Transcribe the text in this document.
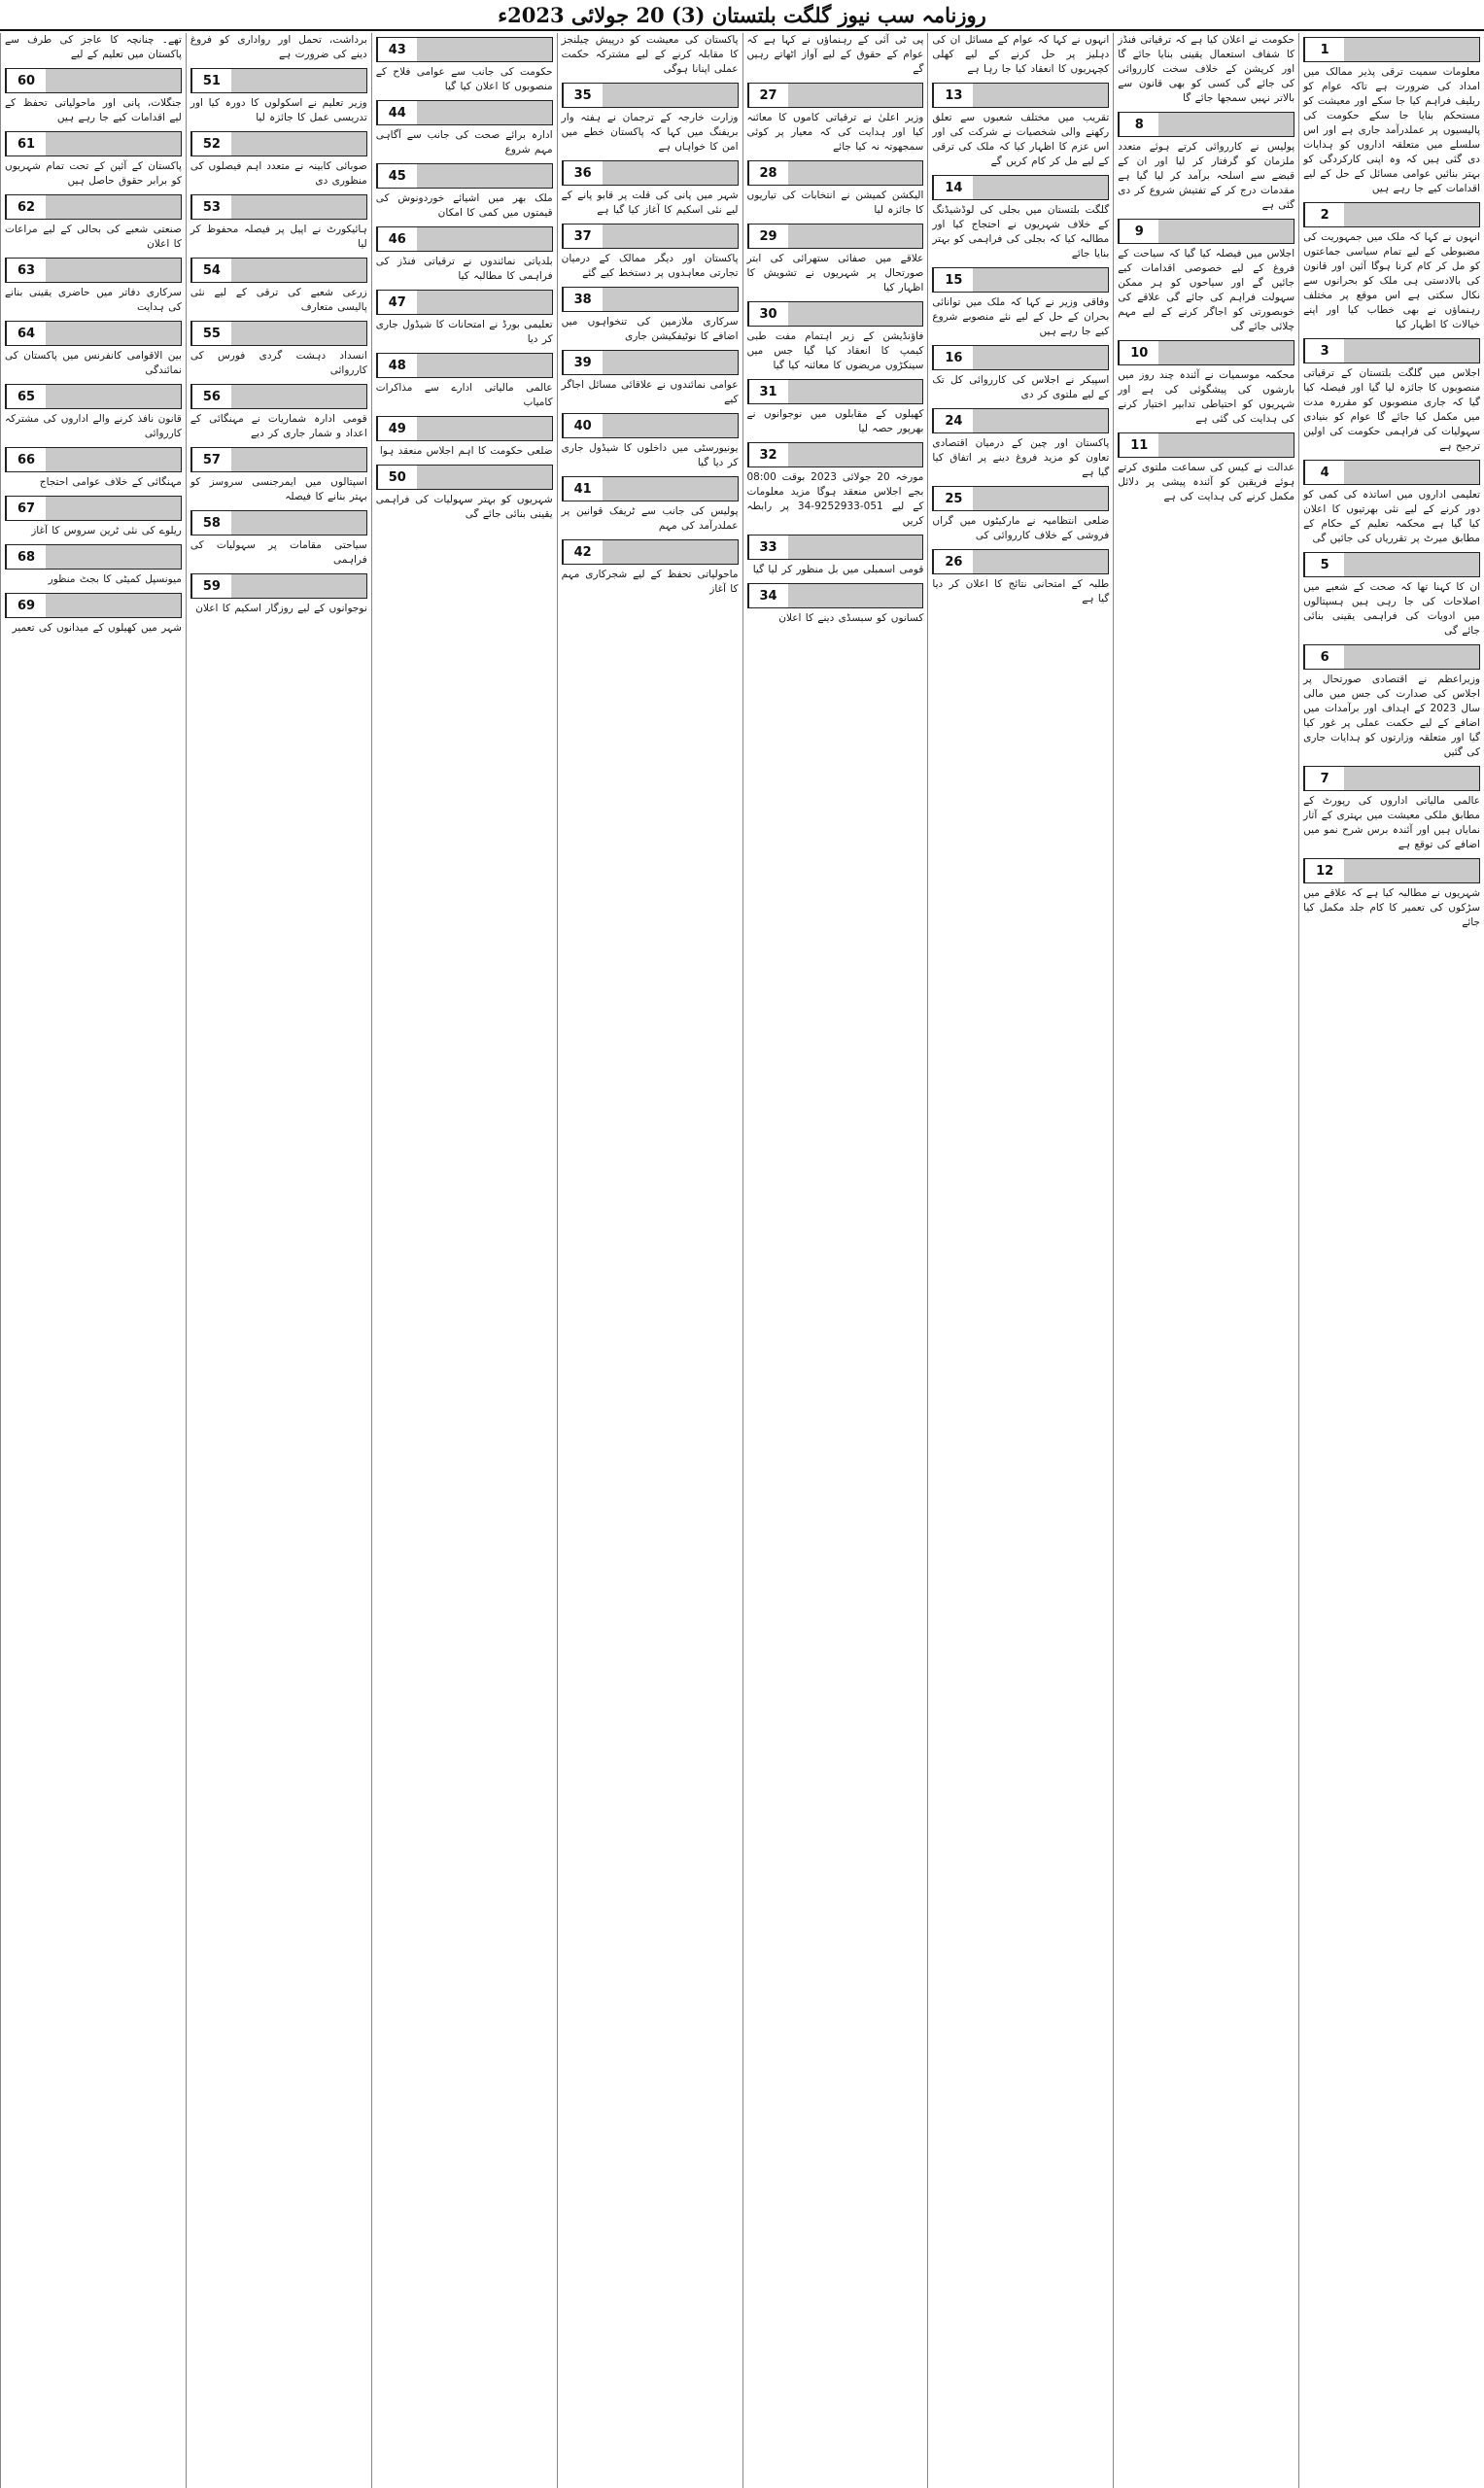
روزنامہ سب نیوز گلگت بلتستان (3) 20 جولائی 2023ء
1
معلومات سمیت ترقی پذیر ممالک میں امداد کی ضرورت ہے تاکہ عوام کو ریلیف فراہم کیا جا سکے اور معیشت کو مستحکم بنایا جا سکے حکومت کی پالیسیوں پر عملدرآمد جاری ہے اور اس سلسلے میں متعلقہ اداروں کو ہدایات دی گئی ہیں کہ وہ اپنی کارکردگی کو بہتر بنائیں عوامی مسائل کے حل کے لیے اقدامات کیے جا رہے ہیں
2
انہوں نے کہا کہ ملک میں جمہوریت کی مضبوطی کے لیے تمام سیاسی جماعتوں کو مل کر کام کرنا ہوگا آئین اور قانون کی بالادستی ہی ملک کو بحرانوں سے نکال سکتی ہے اس موقع پر مختلف رہنماؤں نے بھی خطاب کیا اور اپنے خیالات کا اظہار کیا
3
اجلاس میں گلگت بلتستان کے ترقیاتی منصوبوں کا جائزہ لیا گیا اور فیصلہ کیا گیا کہ جاری منصوبوں کو مقررہ مدت میں مکمل کیا جائے گا عوام کو بنیادی سہولیات کی فراہمی حکومت کی اولین ترجیح ہے
4
تعلیمی اداروں میں اساتذہ کی کمی کو دور کرنے کے لیے نئی بھرتیوں کا اعلان کیا گیا ہے محکمہ تعلیم کے حکام کے مطابق میرٹ پر تقرریاں کی جائیں گی
5
ان کا کہنا تھا کہ صحت کے شعبے میں اصلاحات کی جا رہی ہیں ہسپتالوں میں ادویات کی فراہمی یقینی بنائی جائے گی
6
وزیراعظم نے اقتصادی صورتحال پر اجلاس کی صدارت کی جس میں مالی سال 2023 کے اہداف اور برآمدات میں اضافے کے لیے حکمت عملی پر غور کیا گیا اور متعلقہ وزارتوں کو ہدایات جاری کی گئیں
7
عالمی مالیاتی اداروں کی رپورٹ کے مطابق ملکی معیشت میں بہتری کے آثار نمایاں ہیں اور آئندہ برس شرح نمو میں اضافے کی توقع ہے
12
شہریوں نے مطالبہ کیا ہے کہ علاقے میں سڑکوں کی تعمیر کا کام جلد مکمل کیا جائے
حکومت نے اعلان کیا ہے کہ ترقیاتی فنڈز کا شفاف استعمال یقینی بنایا جائے گا اور کرپشن کے خلاف سخت کارروائی کی جائے گی کسی کو بھی قانون سے بالاتر نہیں سمجھا جائے گا
8
پولیس نے کارروائی کرتے ہوئے متعدد ملزمان کو گرفتار کر لیا اور ان کے قبضے سے اسلحہ برآمد کر لیا گیا ہے مقدمات درج کر کے تفتیش شروع کر دی گئی ہے
9
اجلاس میں فیصلہ کیا گیا کہ سیاحت کے فروغ کے لیے خصوصی اقدامات کیے جائیں گے اور سیاحوں کو ہر ممکن سہولت فراہم کی جائے گی علاقے کی خوبصورتی کو اجاگر کرنے کے لیے مہم چلائی جائے گی
10
محکمہ موسمیات نے آئندہ چند روز میں بارشوں کی پیشگوئی کی ہے اور شہریوں کو احتیاطی تدابیر اختیار کرنے کی ہدایت کی گئی ہے
11
عدالت نے کیس کی سماعت ملتوی کرتے ہوئے فریقین کو آئندہ پیشی پر دلائل مکمل کرنے کی ہدایت کی ہے
انہوں نے کہا کہ عوام کے مسائل ان کی دہلیز پر حل کرنے کے لیے کھلی کچہریوں کا انعقاد کیا جا رہا ہے
13
تقریب میں مختلف شعبوں سے تعلق رکھنے والی شخصیات نے شرکت کی اور اس عزم کا اظہار کیا کہ ملک کی ترقی کے لیے مل کر کام کریں گے
14
گلگت بلتستان میں بجلی کی لوڈشیڈنگ کے خلاف شہریوں نے احتجاج کیا اور مطالبہ کیا کہ بجلی کی فراہمی کو بہتر بنایا جائے
15
وفاقی وزیر نے کہا کہ ملک میں توانائی بحران کے حل کے لیے نئے منصوبے شروع کیے جا رہے ہیں
16
اسپیکر نے اجلاس کی کارروائی کل تک کے لیے ملتوی کر دی
24
پاکستان اور چین کے درمیان اقتصادی تعاون کو مزید فروغ دینے پر اتفاق کیا گیا ہے
25
ضلعی انتظامیہ نے مارکیٹوں میں گراں فروشی کے خلاف کارروائی کی
26
طلبہ کے امتحانی نتائج کا اعلان کر دیا گیا ہے
پی ٹی آئی کے رہنماؤں نے کہا ہے کہ عوام کے حقوق کے لیے آواز اٹھاتے رہیں گے
27
وزیر اعلیٰ نے ترقیاتی کاموں کا معائنہ کیا اور ہدایت کی کہ معیار پر کوئی سمجھوتہ نہ کیا جائے
28
الیکشن کمیشن نے انتخابات کی تیاریوں کا جائزہ لیا
29
علاقے میں صفائی ستھرائی کی ابتر صورتحال پر شہریوں نے تشویش کا اظہار کیا
30
فاؤنڈیشن کے زیر اہتمام مفت طبی کیمپ کا انعقاد کیا گیا جس میں سینکڑوں مریضوں کا معائنہ کیا گیا
31
کھیلوں کے مقابلوں میں نوجوانوں نے بھرپور حصہ لیا
32
مورخہ 20 جولائی 2023 بوقت 08:00 بجے اجلاس منعقد ہوگا مزید معلومات کے لیے 051-9252933-34 پر رابطہ کریں
33
قومی اسمبلی میں بل منظور کر لیا گیا
34
کسانوں کو سبسڈی دینے کا اعلان
پاکستان کی معیشت کو درپیش چیلنجز کا مقابلہ کرنے کے لیے مشترکہ حکمت عملی اپنانا ہوگی
35
وزارت خارجہ کے ترجمان نے ہفتہ وار بریفنگ میں کہا کہ پاکستان خطے میں امن کا خواہاں ہے
36
شہر میں پانی کی قلت پر قابو پانے کے لیے نئی اسکیم کا آغاز کیا گیا ہے
37
پاکستان اور دیگر ممالک کے درمیان تجارتی معاہدوں پر دستخط کیے گئے
38
سرکاری ملازمین کی تنخواہوں میں اضافے کا نوٹیفکیشن جاری
39
عوامی نمائندوں نے علاقائی مسائل اجاگر کیے
40
یونیورسٹی میں داخلوں کا شیڈول جاری کر دیا گیا
41
پولیس کی جانب سے ٹریفک قوانین پر عملدرآمد کی مہم
42
ماحولیاتی تحفظ کے لیے شجرکاری مہم کا آغاز
43
حکومت کی جانب سے عوامی فلاح کے منصوبوں کا اعلان کیا گیا
44
ادارہ برائے صحت کی جانب سے آگاہی مہم شروع
45
ملک بھر میں اشیائے خوردونوش کی قیمتوں میں کمی کا امکان
46
بلدیاتی نمائندوں نے ترقیاتی فنڈز کی فراہمی کا مطالبہ کیا
47
تعلیمی بورڈ نے امتحانات کا شیڈول جاری کر دیا
48
عالمی مالیاتی ادارے سے مذاکرات کامیاب
49
ضلعی حکومت کا اہم اجلاس منعقد ہوا
50
شہریوں کو بہتر سہولیات کی فراہمی یقینی بنائی جائے گی
برداشت، تحمل اور رواداری کو فروغ دینے کی ضرورت ہے
51
وزیر تعلیم نے اسکولوں کا دورہ کیا اور تدریسی عمل کا جائزہ لیا
52
صوبائی کابینہ نے متعدد اہم فیصلوں کی منظوری دی
53
ہائیکورٹ نے اپیل پر فیصلہ محفوظ کر لیا
54
زرعی شعبے کی ترقی کے لیے نئی پالیسی متعارف
55
انسداد دہشت گردی فورس کی کارروائی
56
قومی ادارہ شماریات نے مہنگائی کے اعداد و شمار جاری کر دیے
57
اسپتالوں میں ایمرجنسی سروسز کو بہتر بنانے کا فیصلہ
58
سیاحتی مقامات پر سہولیات کی فراہمی
59
نوجوانوں کے لیے روزگار اسکیم کا اعلان
تھے۔ چنانچہ کا عاجز کی طرف سے پاکستان میں تعلیم کے لیے
60
جنگلات، پانی اور ماحولیاتی تحفظ کے لیے اقدامات کیے جا رہے ہیں
61
پاکستان کے آئین کے تحت تمام شہریوں کو برابر حقوق حاصل ہیں
62
صنعتی شعبے کی بحالی کے لیے مراعات کا اعلان
63
سرکاری دفاتر میں حاضری یقینی بنانے کی ہدایت
64
بین الاقوامی کانفرنس میں پاکستان کی نمائندگی
65
قانون نافذ کرنے والے اداروں کی مشترکہ کارروائی
66
مہنگائی کے خلاف عوامی احتجاج
67
ریلوے کی نئی ٹرین سروس کا آغاز
68
میونسپل کمیٹی کا بجٹ منظور
69
شہر میں کھیلوں کے میدانوں کی تعمیر
